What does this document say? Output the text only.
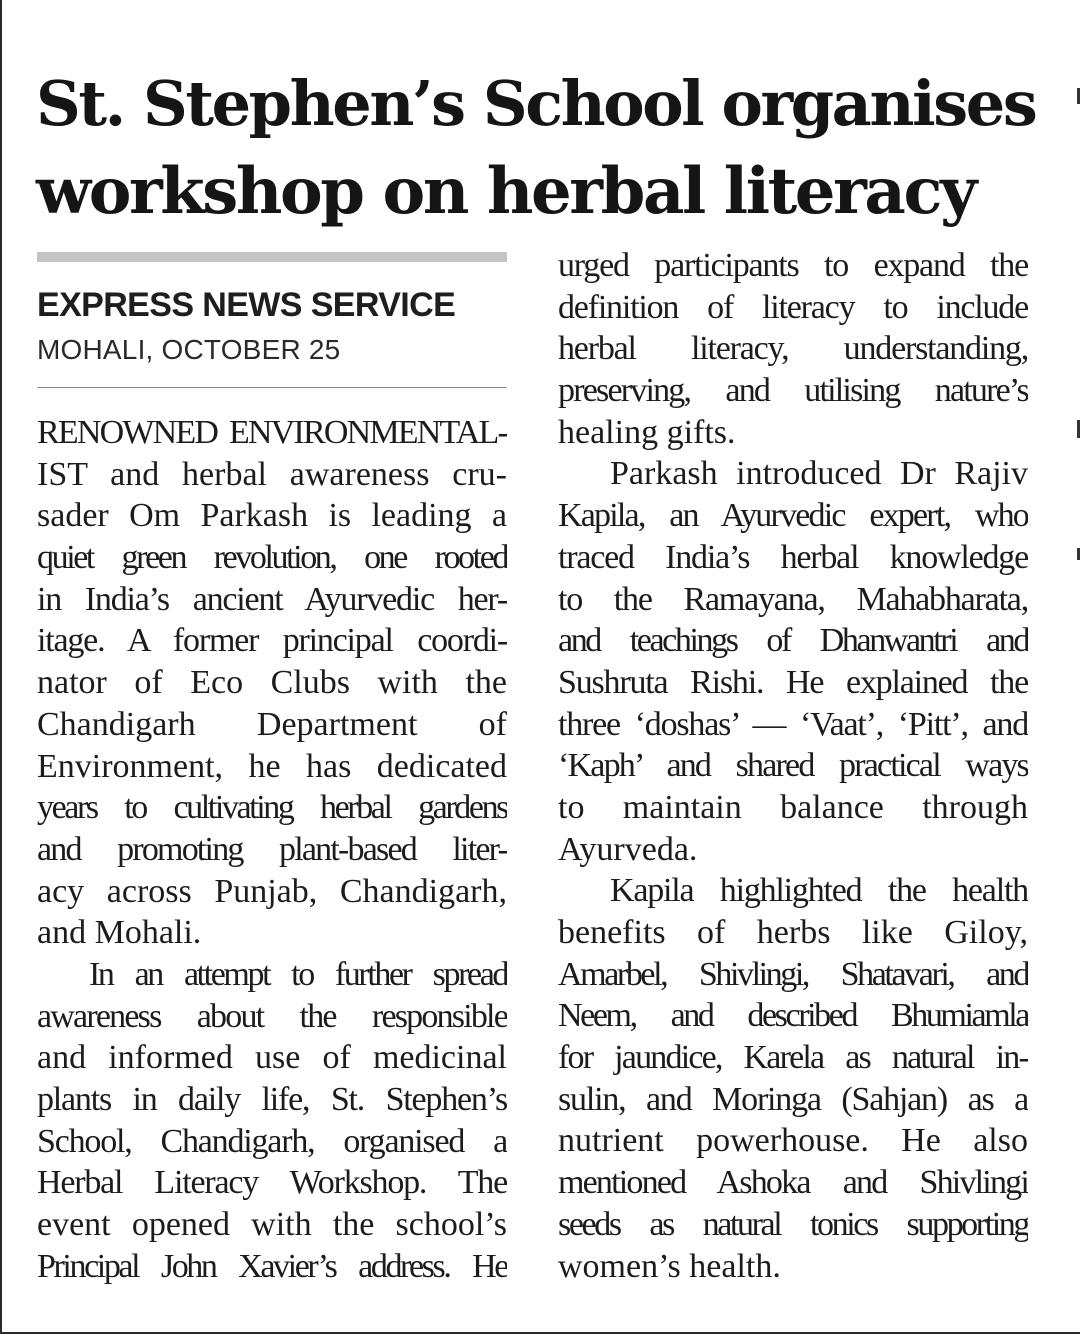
St. Stephen’s School organises
workshop on herbal literacy
EXPRESS NEWS SERVICE
MOHALI, OCTOBER 25
RENOWNED ENVIRONMENTAL-
IST and herbal awareness cru-
sader Om Parkash is leading a
quiet green revolution, one rooted
in India’s ancient Ayurvedic her-
itage. A former principal coordi-
nator of Eco Clubs with the
Chandigarh Department of
Environment, he has dedicated
years to cultivating herbal gardens
and promoting plant-based liter-
acy across Punjab, Chandigarh,
and Mohali.
In an attempt to further spread
awareness about the responsible
and informed use of medicinal
plants in daily life, St. Stephen’s
School, Chandigarh, organised a
Herbal Literacy Workshop. The
event opened with the school’s
Principal John Xavier’s address. He
urged participants to expand the
definition of literacy to include
herbal literacy, understanding,
preserving, and utilising nature’s
healing gifts.
Parkash introduced Dr Rajiv
Kapila, an Ayurvedic expert, who
traced India’s herbal knowledge
to the Ramayana, Mahabharata,
and teachings of Dhanwantri and
Sushruta Rishi. He explained the
three ‘doshas’ — ‘Vaat’, ‘Pitt’, and
‘Kaph’ and shared practical ways
to maintain balance through
Ayurveda.
Kapila highlighted the health
benefits of herbs like Giloy,
Amarbel, Shivlingi, Shatavari, and
Neem, and described Bhumiamla
for jaundice, Karela as natural in-
sulin, and Moringa (Sahjan) as a
nutrient powerhouse. He also
mentioned Ashoka and Shivlingi
seeds as natural tonics supporting
women’s health.
